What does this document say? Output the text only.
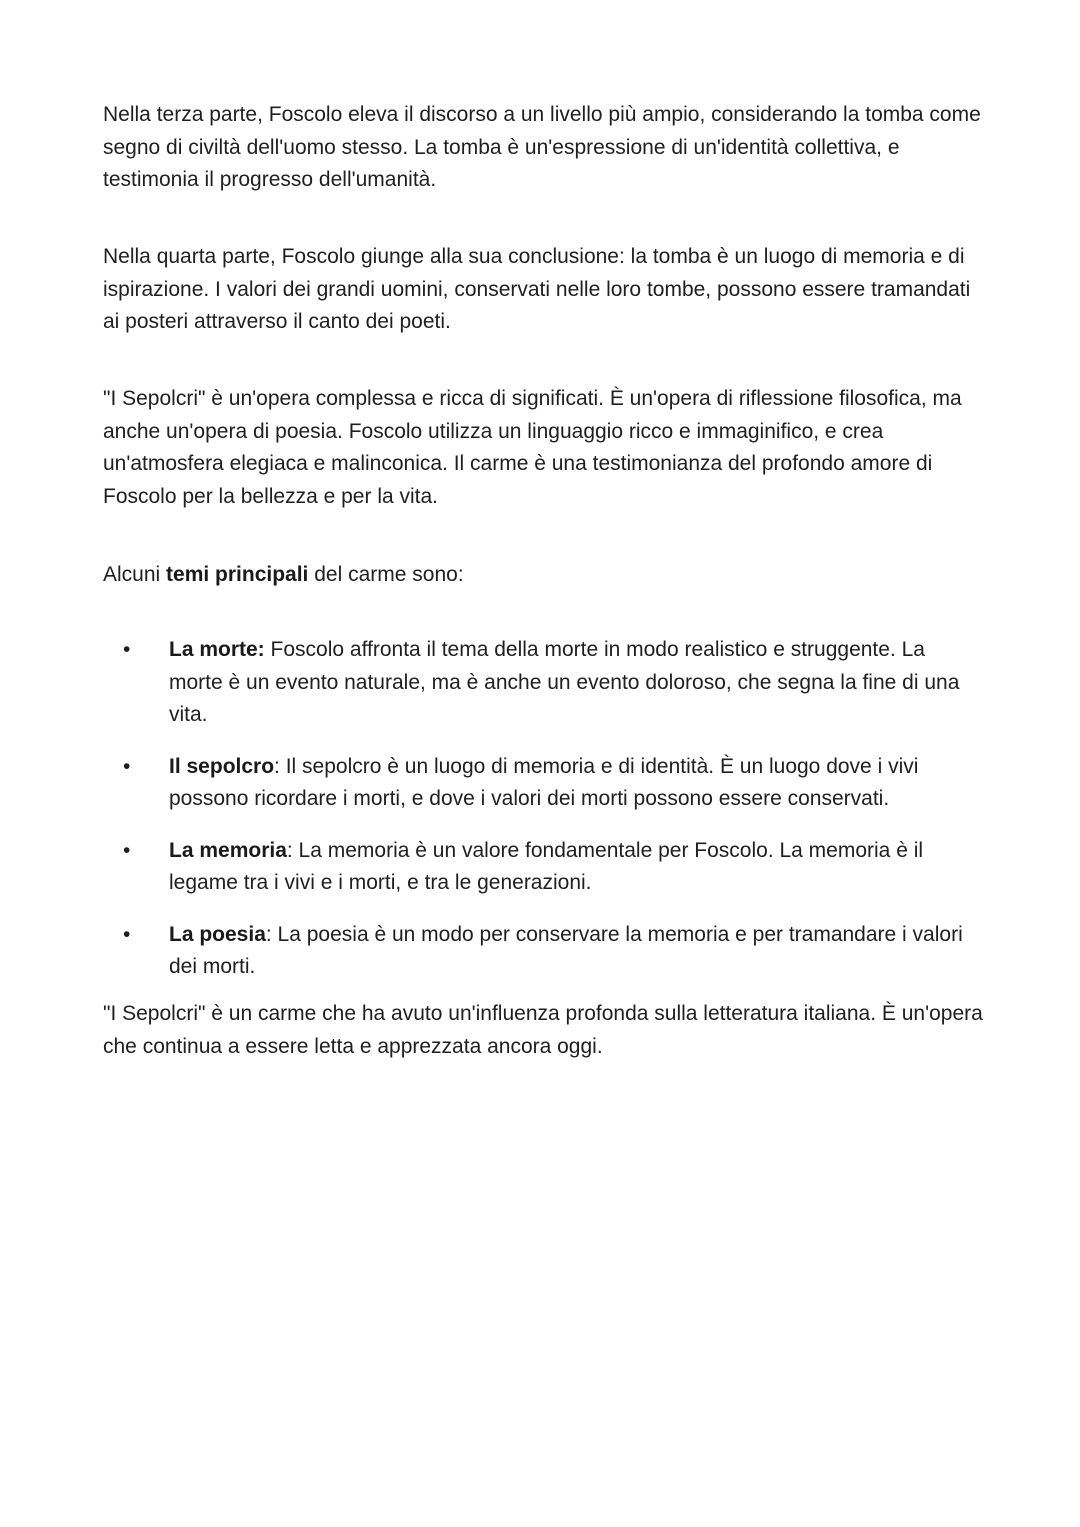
Nella terza parte, Foscolo eleva il discorso a un livello più ampio, considerando la tomba come segno di civiltà dell'uomo stesso. La tomba è un'espressione di un'identità collettiva, e testimonia il progresso dell'umanità.

Nella quarta parte, Foscolo giunge alla sua conclusione: la tomba è un luogo di memoria e di ispirazione. I valori dei grandi uomini, conservati nelle loro tombe, possono essere tramandati ai posteri attraverso il canto dei poeti.

"I Sepolcri" è un'opera complessa e ricca di significati. È un'opera di riflessione filosofica, ma anche un'opera di poesia. Foscolo utilizza un linguaggio ricco e immaginifico, e crea un'atmosfera elegiaca e malinconica. Il carme è una testimonianza del profondo amore di Foscolo per la bellezza e per la vita.

Alcuni temi principali del carme sono:

• La morte: Foscolo affronta il tema della morte in modo realistico e struggente. La morte è un evento naturale, ma è anche un evento doloroso, che segna la fine di una vita.
• Il sepolcro: Il sepolcro è un luogo di memoria e di identità. È un luogo dove i vivi possono ricordare i morti, e dove i valori dei morti possono essere conservati.
• La memoria: La memoria è un valore fondamentale per Foscolo. La memoria è il legame tra i vivi e i morti, e tra le generazioni.
• La poesia: La poesia è un modo per conservare la memoria e per tramandare i valori dei morti.

"I Sepolcri" è un carme che ha avuto un'influenza profonda sulla letteratura italiana. È un'opera che continua a essere letta e apprezzata ancora oggi.
